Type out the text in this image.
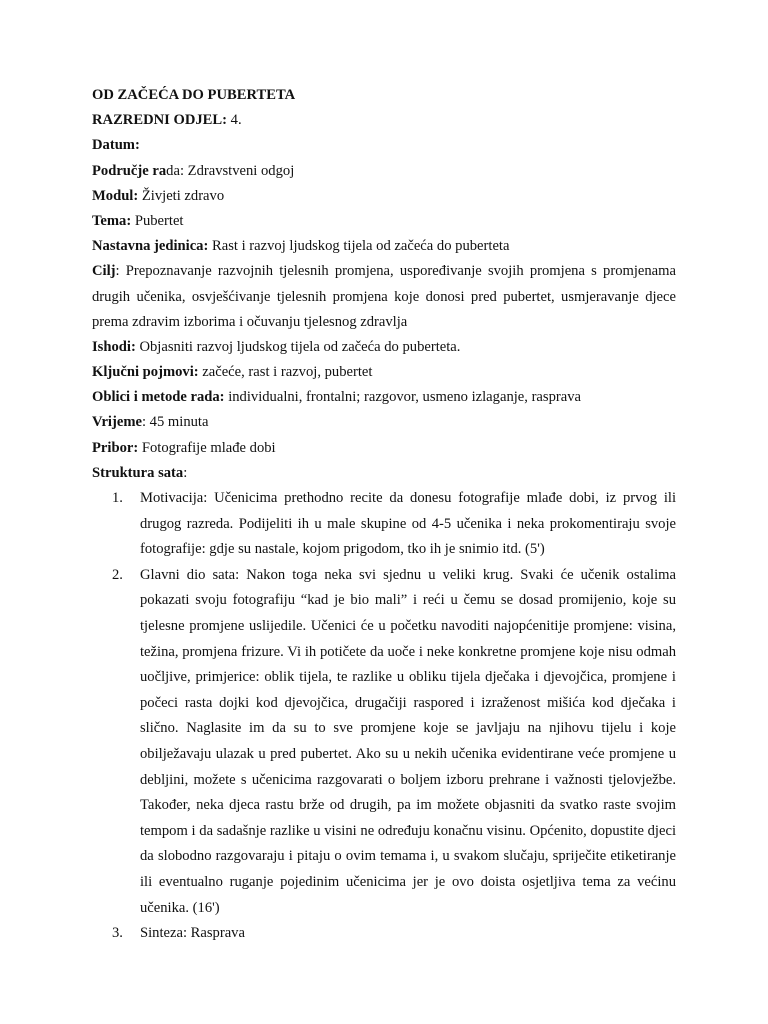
OD ZAČEĆA DO PUBERTETA
RAZREDNI ODJEL: 4.
Datum:
Područje rada: Zdravstveni odgoj
Modul: Živjeti zdravo
Tema: Pubertet
Nastavna jedinica: Rast i razvoj ljudskog tijela od začeća do puberteta

Cilj: Prepoznavanje razvojnih tjelesnih promjena, uspoređivanje svojih promjena s promjenama drugih učenika, osvješćivanje tjelesnih promjena koje donosi pred pubertet, usmjeravanje djece prema zdravim izborima i očuvanju tjelesnog zdravlja

Ishodi: Objasniti razvoj ljudskog tijela od začeća do puberteta.
Ključni pojmovi: začeće, rast i razvoj, pubertet
Oblici i metode rada: individualni, frontalni; razgovor, usmeno izlaganje, rasprava
Vrijeme: 45 minuta
Pribor: Fotografije mlađe dobi
Struktura sata:
1. Motivacija: Učenicima prethodno recite da donesu fotografije mlađe dobi, iz prvog ili drugog razreda. Podijeliti ih u male skupine od 4-5 učenika i neka prokomentiraju svoje fotografije: gdje su nastale, kojom prigodom, tko ih je snimio itd. (5')
2. Glavni dio sata: Nakon toga neka svi sjednu u veliki krug. Svaki će učenik ostalima pokazati svoju fotografiju “kad je bio mali” i reći u čemu se dosad promijenio, koje su tjelesne promjene uslijedile. Učenici će u početku navoditi najopćenitije promjene: visina, težina, promjena frizure. Vi ih potičete da uoče i neke konkretne promjene koje nisu odmah uočljive, primjerice: oblik tijela, te razlike u obliku tijela dječaka i djevojčica, promjene i počeci rasta dojki kod djevojčica, drugačiji raspored i izraženost mišića kod dječaka i slično. Naglasite im da su to sve promjene koje se javljaju na njihovu tijelu i koje obilježavaju ulazak u pred pubertet. Ako su u nekih učenika evidentirane veće promjene u debljini, možete s učenicima razgovarati o boljem izboru prehrane i važnosti tjelovježbe. Također, neka djeca rastu brže od drugih, pa im možete objasniti da svatko raste svojim tempom i da sadašnje razlike u visini ne određuju konačnu visinu. Općenito, dopustite djeci da slobodno razgovaraju i pitaju o ovim temama i, u svakom slučaju, spriječite etiketiranje ili eventualno ruganje pojedinim učenicima jer je ovo doista osjetljiva tema za većinu učenika. (16')
3. Sinteza: Rasprava
